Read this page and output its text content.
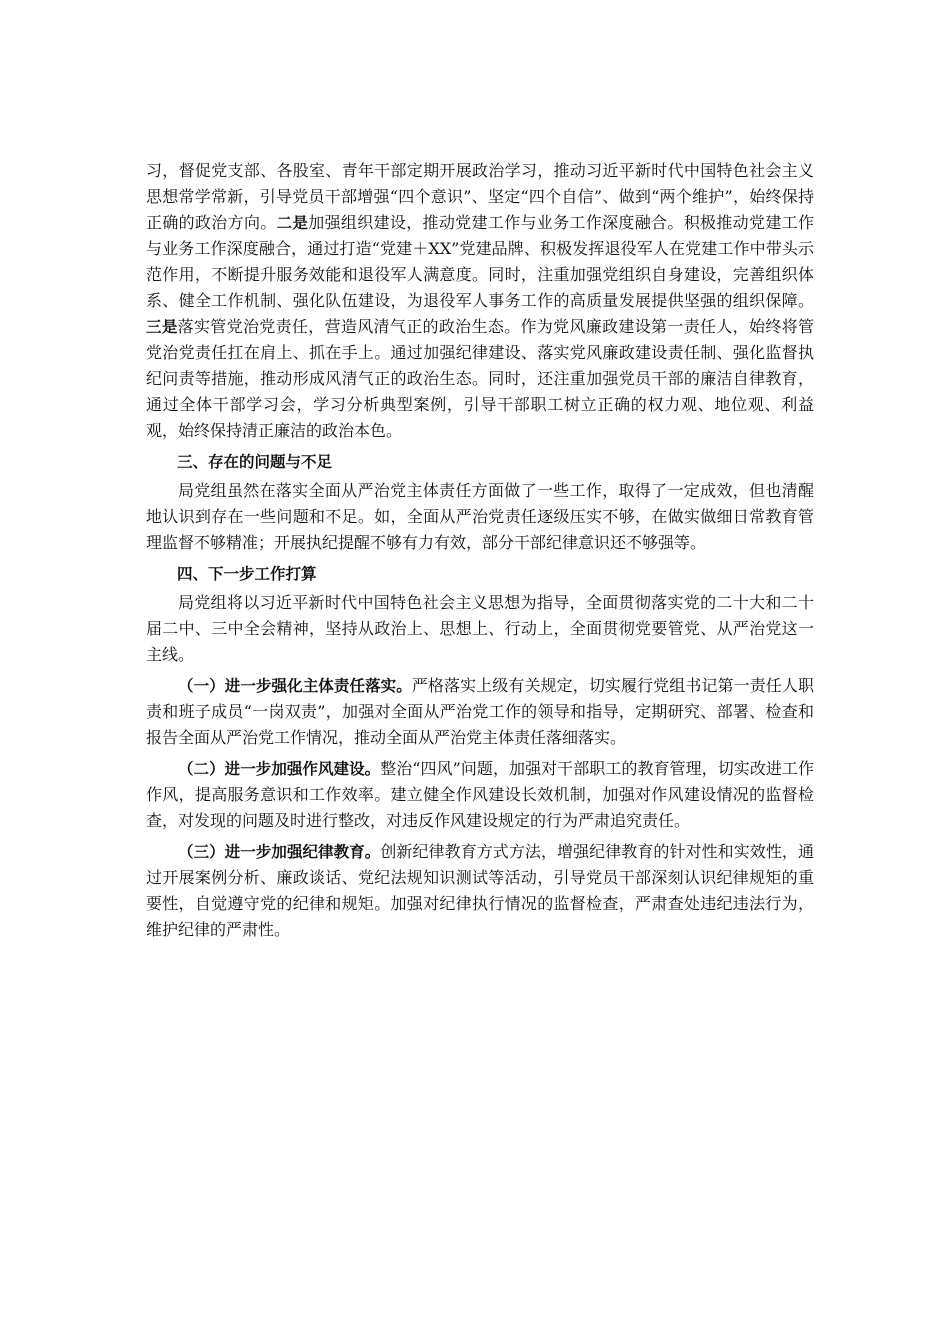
习，督促党支部、各股室、青年干部定期开展政治学习，推动习近平新时代中国特色社会主义思想常学常新，引导党员干部增强“四个意识”、坚定“四个自信”、做到“两个维护”，始终保持正确的政治方向。二是加强组织建设，推动党建工作与业务工作深度融合。积极推动党建工作与业务工作深度融合，通过打造“党建＋XX”党建品牌、积极发挥退役军人在党建工作中带头示范作用，不断提升服务效能和退役军人满意度。同时，注重加强党组织自身建设，完善组织体系、健全工作机制、强化队伍建设，为退役军人事务工作的高质量发展提供坚强的组织保障。三是落实管党治党责任，营造风清气正的政治生态。作为党风廉政建设第一责任人，始终将管党治党责任扛在肩上、抓在手上。通过加强纪律建设、落实党风廉政建设责任制、强化监督执纪问责等措施，推动形成风清气正的政治生态。同时，还注重加强党员干部的廉洁自律教育，通过全体干部学习会，学习分析典型案例，引导干部职工树立正确的权力观、地位观、利益观，始终保持清正廉洁的政治本色。

三、存在的问题与不足

局党组虽然在落实全面从严治党主体责任方面做了一些工作，取得了一定成效，但也清醒地认识到存在一些问题和不足。如，全面从严治党责任逐级压实不够，在做实做细日常教育管理监督不够精准；开展执纪提醒不够有力有效，部分干部纪律意识还不够强等。

四、下一步工作打算

局党组将以习近平新时代中国特色社会主义思想为指导，全面贯彻落实党的二十大和二十届二中、三中全会精神，坚持从政治上、思想上、行动上，全面贯彻党要管党、从严治党这一主线。

（一）进一步强化主体责任落实。严格落实上级有关规定，切实履行党组书记第一责任人职责和班子成员“一岗双责”，加强对全面从严治党工作的领导和指导，定期研究、部署、检查和报告全面从严治党工作情况，推动全面从严治党主体责任落细落实。

（二）进一步加强作风建设。整治“四风”问题，加强对干部职工的教育管理，切实改进工作作风，提高服务意识和工作效率。建立健全作风建设长效机制，加强对作风建设情况的监督检查，对发现的问题及时进行整改，对违反作风建设规定的行为严肃追究责任。

（三）进一步加强纪律教育。创新纪律教育方式方法，增强纪律教育的针对性和实效性，通过开展案例分析、廉政谈话、党纪法规知识测试等活动，引导党员干部深刻认识纪律规矩的重要性，自觉遵守党的纪律和规矩。加强对纪律执行情况的监督检查，严肃查处违纪违法行为，维护纪律的严肃性。
